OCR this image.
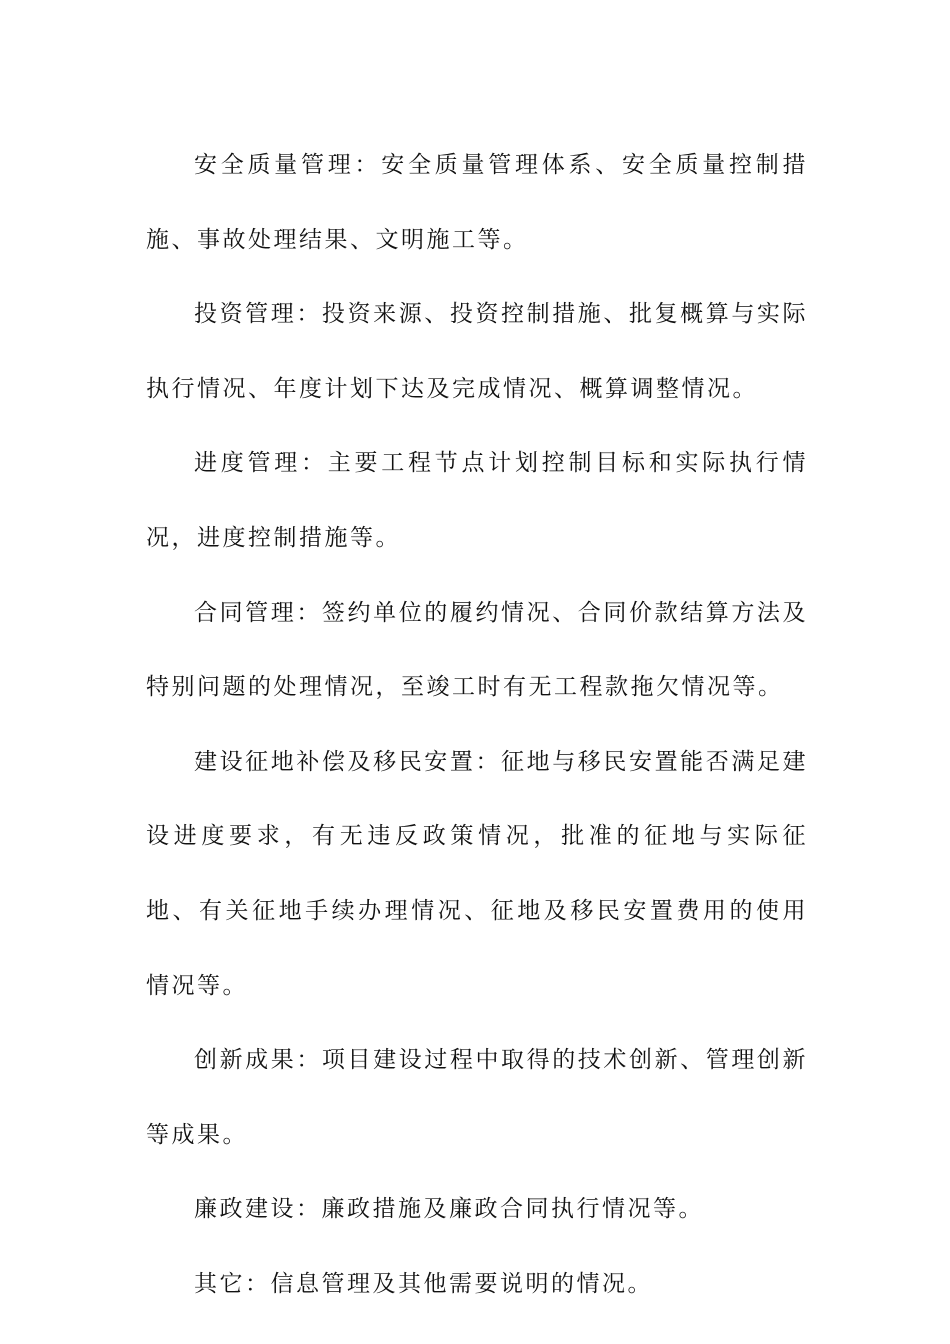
安全质量管理：安全质量管理体系、安全质量控制措施、事故处理结果、文明施工等。

投资管理：投资来源、投资控制措施、批复概算与实际执行情况、年度计划下达及完成情况、概算调整情况。

进度管理：主要工程节点计划控制目标和实际执行情况，进度控制措施等。

合同管理：签约单位的履约情况、合同价款结算方法及特别问题的处理情况，至竣工时有无工程款拖欠情况等。

建设征地补偿及移民安置：征地与移民安置能否满足建设进度要求，有无违反政策情况，批准的征地与实际征地、有关征地手续办理情况、征地及移民安置费用的使用情况等。

创新成果：项目建设过程中取得的技术创新、管理创新等成果。

廉政建设：廉政措施及廉政合同执行情况等。

其它：信息管理及其他需要说明的情况。
